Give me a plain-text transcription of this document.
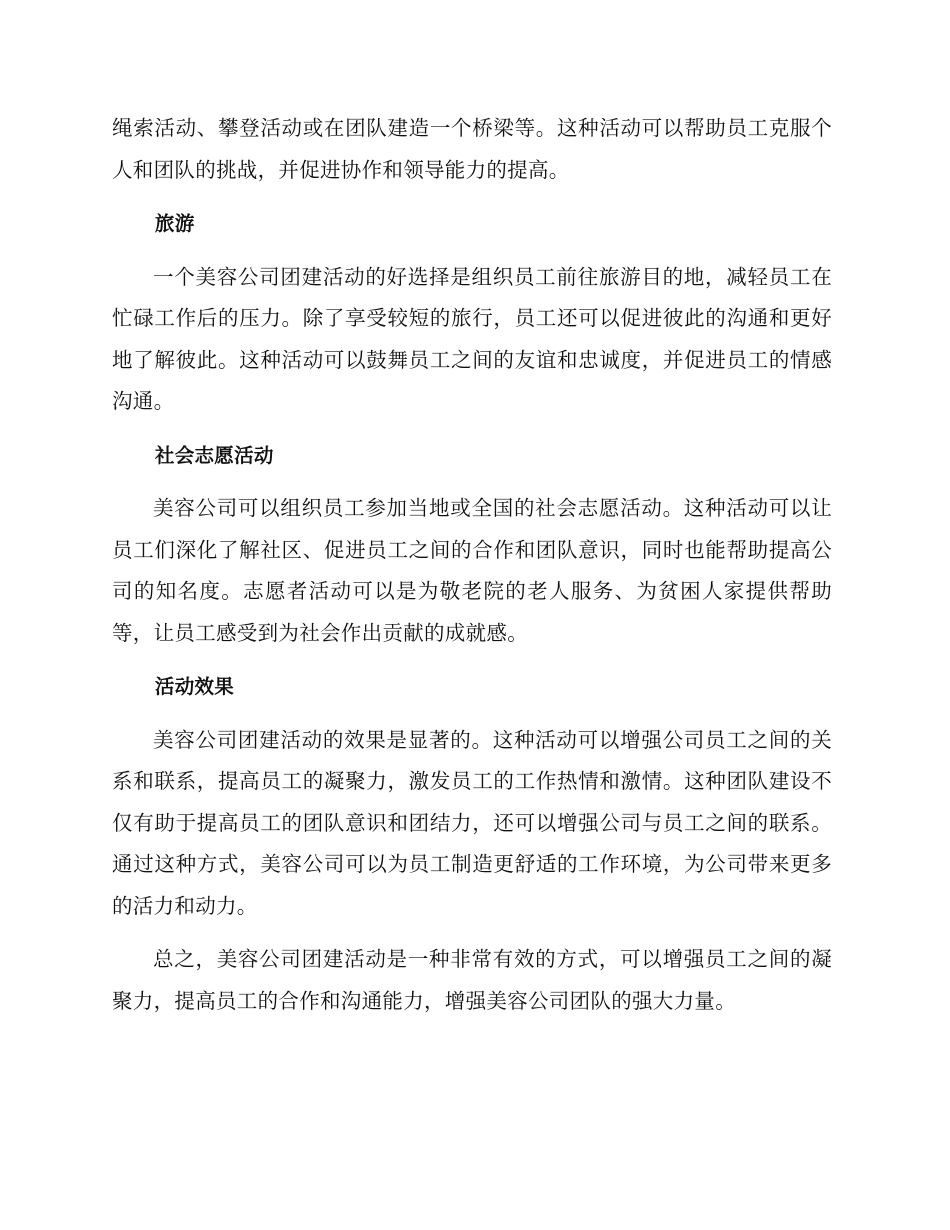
绳索活动、攀登活动或在团队建造一个桥梁等。这种活动可以帮助员工克服个人和团队的挑战，并促进协作和领导能力的提高。

旅游

一个美容公司团建活动的好选择是组织员工前往旅游目的地，减轻员工在忙碌工作后的压力。除了享受较短的旅行，员工还可以促进彼此的沟通和更好地了解彼此。这种活动可以鼓舞员工之间的友谊和忠诚度，并促进员工的情感沟通。

社会志愿活动

美容公司可以组织员工参加当地或全国的社会志愿活动。这种活动可以让员工们深化了解社区、促进员工之间的合作和团队意识，同时也能帮助提高公司的知名度。志愿者活动可以是为敬老院的老人服务、为贫困人家提供帮助等，让员工感受到为社会作出贡献的成就感。

活动效果

美容公司团建活动的效果是显著的。这种活动可以增强公司员工之间的关系和联系，提高员工的凝聚力，激发员工的工作热情和激情。这种团队建设不仅有助于提高员工的团队意识和团结力，还可以增强公司与员工之间的联系。通过这种方式，美容公司可以为员工制造更舒适的工作环境，为公司带来更多的活力和动力。

总之，美容公司团建活动是一种非常有效的方式，可以增强员工之间的凝聚力，提高员工的合作和沟通能力，增强美容公司团队的强大力量。
